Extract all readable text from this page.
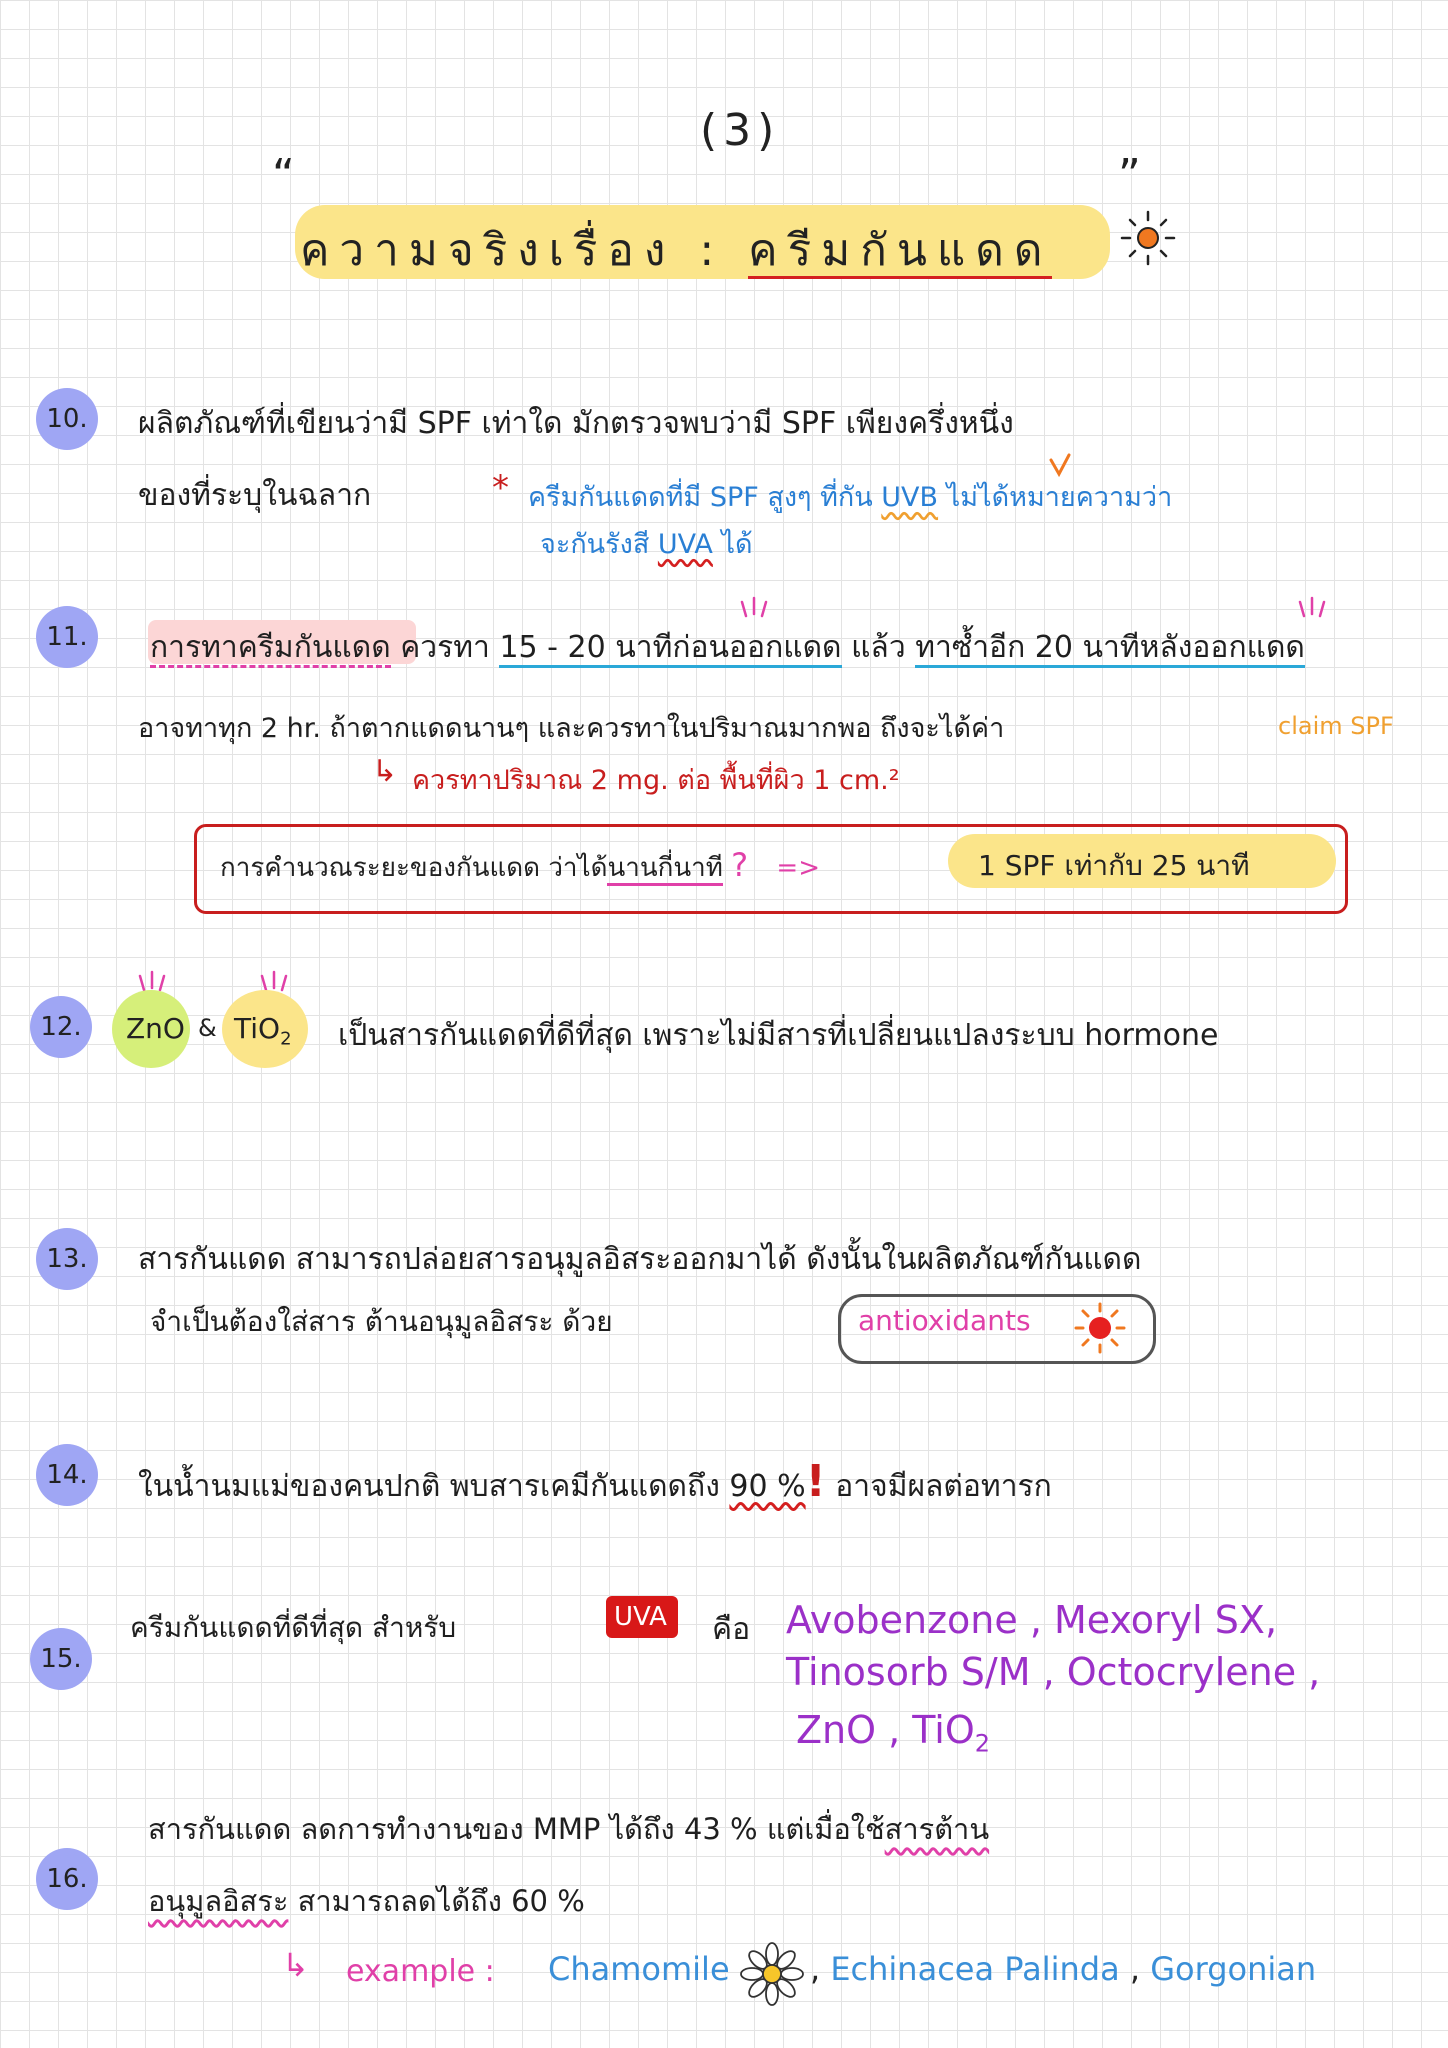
(3)
“
ความจริงเรื่อง : ครีมกันแดด
”
10.	ผลิตภัณฑ์ที่เขียนว่ามี SPF เท่าใด มักตรวจพบว่ามี SPF เพียงครึ่งหนึ่ง
ของที่ระบุในฉลาก	* ครีมกันแดดที่มี SPF สูงๆ ที่กัน UVB ไม่ได้หมายความว่า
จะกันรังสี UVA ได้
11.	การทาครีมกันแดด ควรทา 15 - 20 นาทีก่อนออกแดด แล้ว ทาซ้ำอีก 20 นาทีหลังออกแดด
อาจทาทุก 2 hr. ถ้าตากแดดนานๆ และควรทาในปริมาณมากพอ ถึงจะได้ค่า	claim SPF
↳ ควรทาปริมาณ 2 mg. ต่อ พื้นที่ผิว 1 cm.²
การคำนวณระยะของกันแดด ว่าได้นานกี่นาที ? =>	1 SPF เท่ากับ 25 นาที
12.	ZnO & TiO$_2$ เป็นสารกันแดดที่ดีที่สุด เพราะไม่มีสารที่เปลี่ยนแปลงระบบ hormone
13.	สารกันแดด สามารถปล่อยสารอนุมูลอิสระออกมาได้ ดังนั้นในผลิตภัณฑ์กันแดด
จำเป็นต้องใส่สาร ต้านอนุมูลอิสระ ด้วย	antioxidants
14.	ในน้ำนมแม่ของคนปกติ พบสารเคมีกันแดดถึง 90 %! อาจมีผลต่อทารก
15.
ครีมกันแดดที่ดีที่สุด สำหรับ	UVA คือ Avobenzone , Mexoryl SX,
Tinosorb S/M , Octocrylene ,
ZnO , TiO$_2$
16.
สารกันแดด ลดการทำงานของ MMP ได้ถึง 43 % แต่เมื่อใช้สารต้าน
อนุมูลอิสระ สามารถลดได้ถึง 60 %
↳ example : Chamomile	, Echinacea Palinda , Gorgonian
